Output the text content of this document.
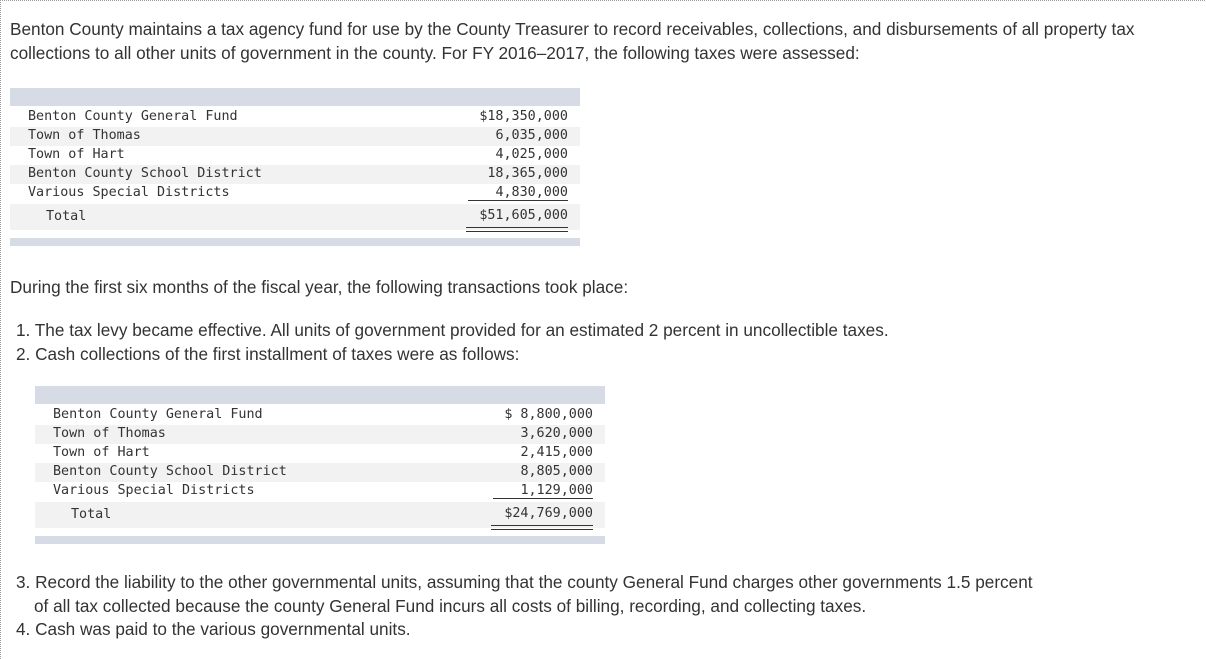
Benton County maintains a tax agency fund for use by the County Treasurer to record receivables, collections, and disbursements of all property tax collections to all other units of government in the county. For FY 2016–2017, the following taxes were assessed:

Benton County General Fund	$18,350,000
Town of Thomas	6,035,000
Town of Hart	4,025,000
Benton County School District	18,365,000
Various Special Districts	4,830,000
Total	$51,605,000

During the first six months of the fiscal year, the following transactions took place:

1. The tax levy became effective. All units of government provided for an estimated 2 percent in uncollectible taxes.

2. Cash collections of the first installment of taxes were as follows:

Benton County General Fund	$ 8,800,000
Town of Thomas	3,620,000
Town of Hart	2,415,000
Benton County School District	8,805,000
Various Special Districts	1,129,000
Total	$24,769,000

3. Record the liability to the other governmental units, assuming that the county General Fund charges other governments 1.5 percent

of all tax collected because the county General Fund incurs all costs of billing, recording, and collecting taxes.

4. Cash was paid to the various governmental units.
